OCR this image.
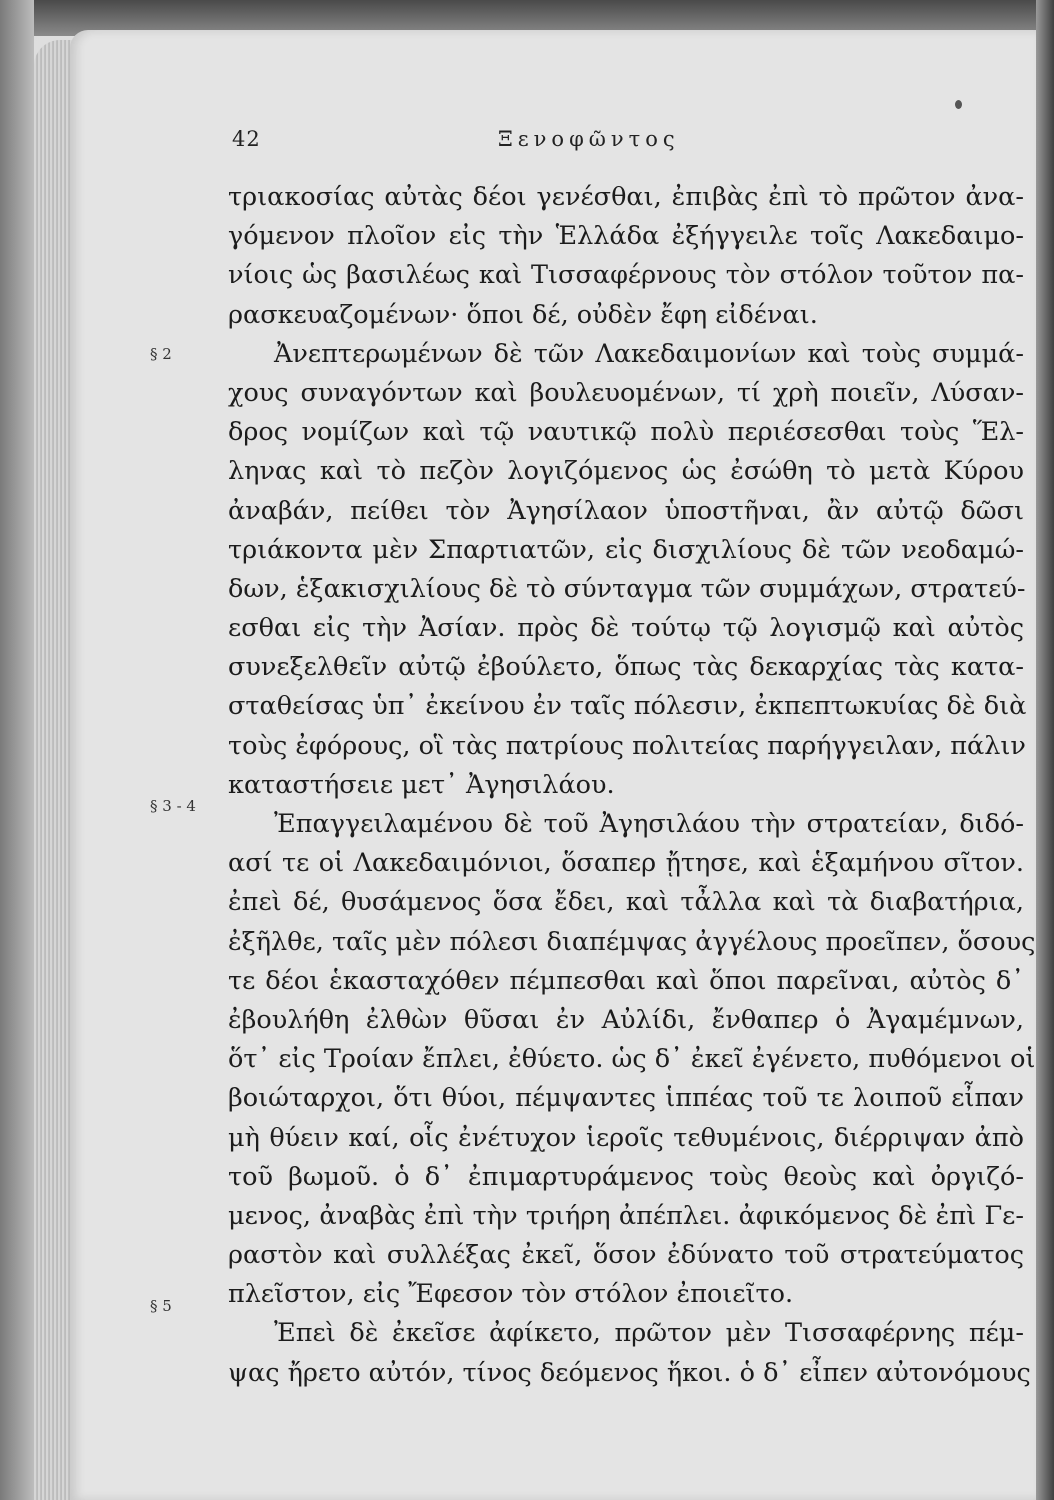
42	Ξενοφῶντος
§ 2
§ 3 - 4
§ 5
τριακοσίας αὐτὰς δέοι γενέσθαι, ἐπιβὰς ἐπὶ τὸ πρῶτον ἀνα-
γόμενον πλοῖον εἰς τὴν Ἑλλάδα ἐξήγγειλε τοῖς Λακεδαιμο-
νίοις ὡς βασιλέως καὶ Τισσαφέρνους τὸν στόλον τοῦτον πα-
ρασκευαζομένων· ὅποι δέ, οὐδὲν ἔφη εἰδέναι.
Ἀνεπτερωμένων δὲ τῶν Λακεδαιμονίων καὶ τοὺς συμμά-
χους συναγόντων καὶ βουλευομένων, τί χρὴ ποιεῖν, Λύσαν-
δρος νομίζων καὶ τῷ ναυτικῷ πολὺ περιέσεσθαι τοὺς Ἕλ-
ληνας καὶ τὸ πεζὸν λογιζόμενος ὡς ἐσώθη τὸ μετὰ Κύρου
ἀναβάν, πείθει τὸν Ἀγησίλαον ὑποστῆναι, ἂν αὐτῷ δῶσι
τριάκοντα μὲν Σπαρτιατῶν, εἰς δισχιλίους δὲ τῶν νεοδαμώ-
δων, ἑξακισχιλίους δὲ τὸ σύνταγμα τῶν συμμάχων, στρατεύ-
εσθαι εἰς τὴν Ἀσίαν. πρὸς δὲ τούτῳ τῷ λογισμῷ καὶ αὐτὸς
συνεξελθεῖν αὐτῷ ἐβούλετο, ὅπως τὰς δεκαρχίας τὰς κατα-
σταθείσας ὑπ᾽ ἐκείνου ἐν ταῖς πόλεσιν, ἐκπεπτωκυίας δὲ διὰ
τοὺς ἐφόρους, οἳ τὰς πατρίους πολιτείας παρήγγειλαν, πάλιν
καταστήσειε μετ᾽ Ἀγησιλάου.
Ἐπαγγειλαμένου δὲ τοῦ Ἀγησιλάου τὴν στρατείαν, διδό-
ασί τε οἱ Λακεδαιμόνιοι, ὅσαπερ ᾔτησε, καὶ ἑξαμήνου σῖτον.
ἐπεὶ δέ, θυσάμενος ὅσα ἔδει, καὶ τἆλλα καὶ τὰ διαβατήρια,
ἐξῆλθε, ταῖς μὲν πόλεσι διαπέμψας ἀγγέλους προεῖπεν, ὅσους
τε δέοι ἑκασταχόθεν πέμπεσθαι καὶ ὅποι παρεῖναι, αὐτὸς δ᾽
ἐβουλήθη ἐλθὼν θῦσαι ἐν Αὐλίδι, ἔνθαπερ ὁ Ἀγαμέμνων,
ὅτ᾽ εἰς Τροίαν ἔπλει, ἐθύετο. ὡς δ᾽ ἐκεῖ ἐγένετο, πυθόμενοι οἱ
βοιώταρχοι, ὅτι θύοι, πέμψαντες ἱππέας τοῦ τε λοιποῦ εἶπαν
μὴ θύειν καί, οἷς ἐνέτυχον ἱεροῖς τεθυμένοις, διέρριψαν ἀπὸ
τοῦ βωμοῦ. ὁ δ᾽ ἐπιμαρτυράμενος τοὺς θεοὺς καὶ ὀργιζό-
μενος, ἀναβὰς ἐπὶ τὴν τριήρη ἀπέπλει. ἀφικόμενος δὲ ἐπὶ Γε-
ραστὸν καὶ συλλέξας ἐκεῖ, ὅσον ἐδύνατο τοῦ στρατεύματος
πλεῖστον, εἰς Ἔφεσον τὸν στόλον ἐποιεῖτο.
Ἐπεὶ δὲ ἐκεῖσε ἀφίκετο, πρῶτον μὲν Τισσαφέρνης πέμ-
ψας ἤρετο αὐτόν, τίνος δεόμενος ἥκοι. ὁ δ᾽ εἶπεν αὐτονόμους
